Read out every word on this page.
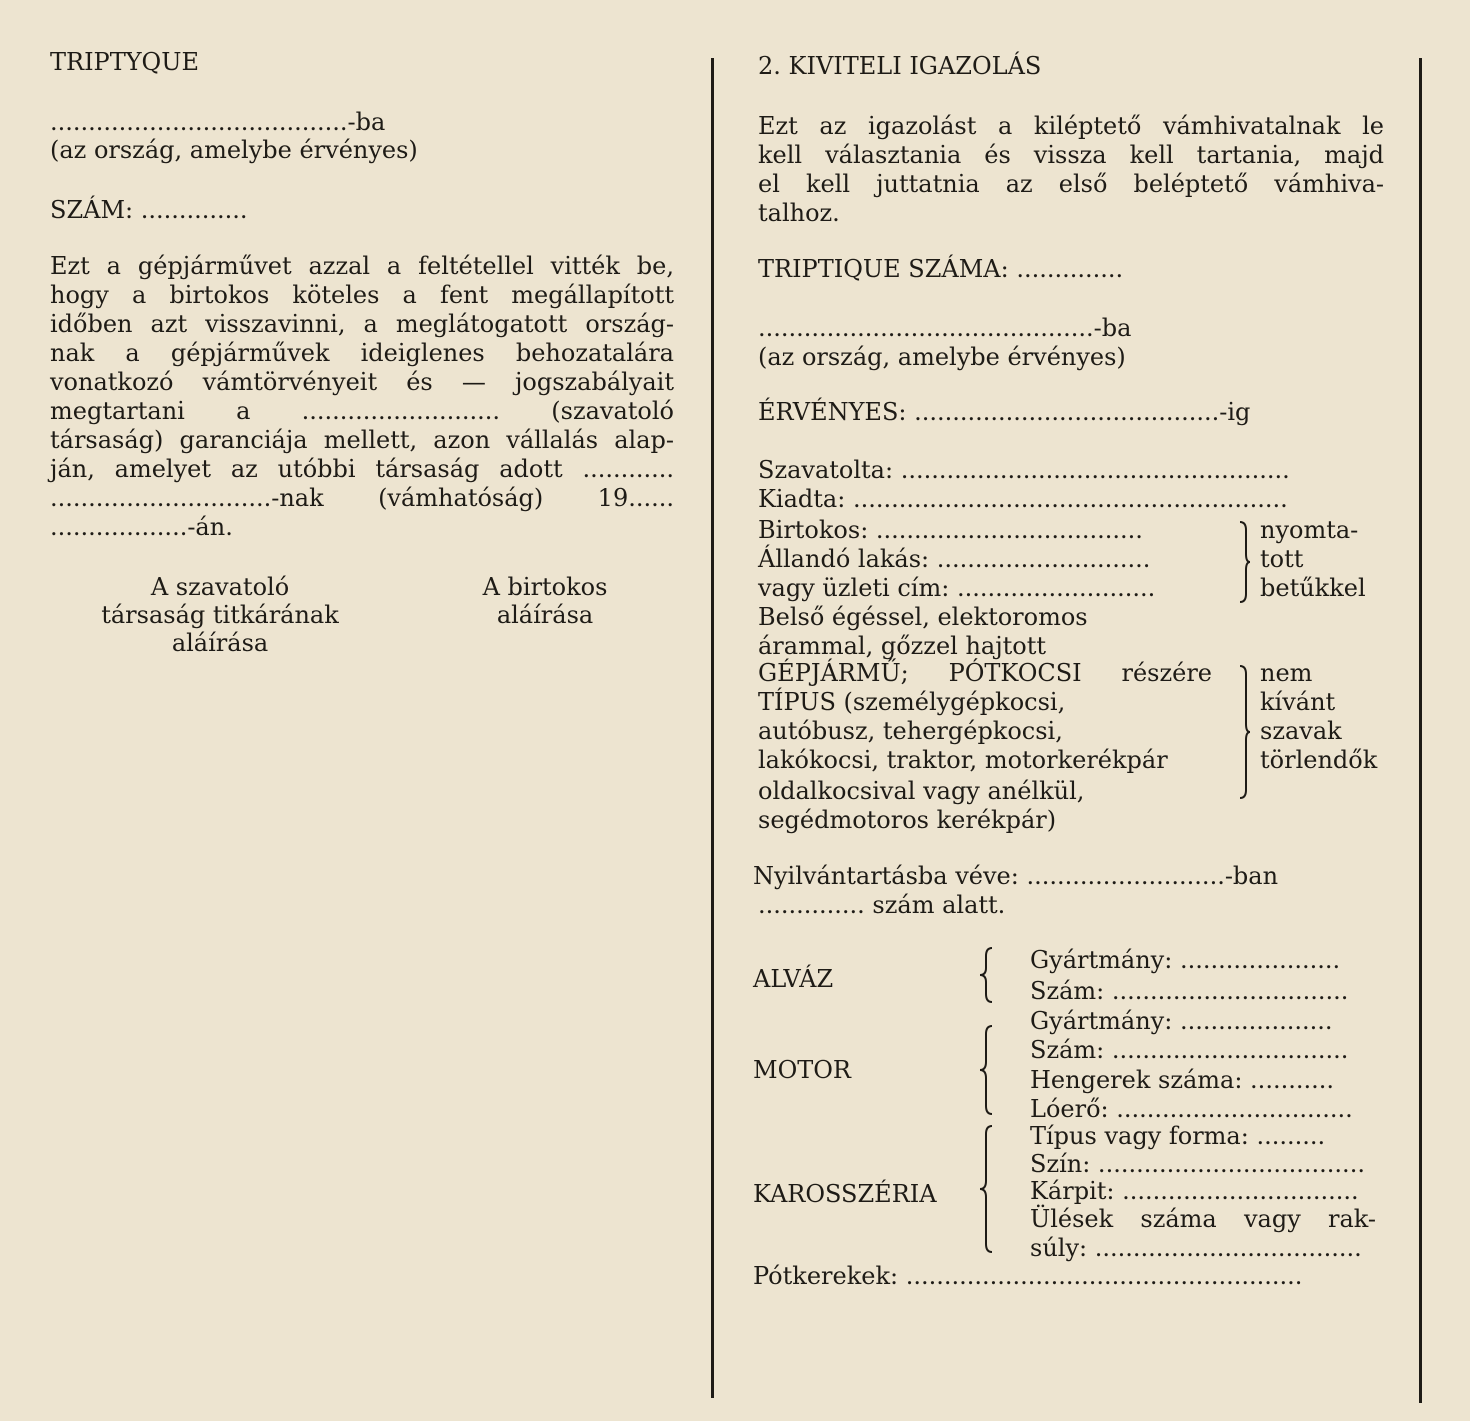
TRIPTYQUE
.......................................-ba
(az ország, amelybe érvényes)
SZÁM: ..............
Ezt a gépjárművet azzal a feltétellel vitték be,
hogy a birtokos köteles a fent megállapított
időben azt visszavinni, a meglátogatott ország-
nak a gépjárművek ideiglenes behozatalára
vonatkozó vámtörvényeit és — jogszabályait
megtartani a .......................... (szavatoló
társaság) garanciája mellett, azon vállalás alap-
ján, amelyet az utóbbi társaság adott ............
.............................-nak (vámhatóság) 19......
..................-án.
A szavatoló
társaság titkárának
aláírása
A birtokos
aláírása
2. KIVITELI IGAZOLÁS
Ezt az igazolást a kiléptető vámhivatalnak le
kell választania és vissza kell tartania, majd
el kell juttatnia az első beléptető vámhiva-
talhoz.
TRIPTIQUE SZÁMA: ..............
............................................-ba
(az ország, amelybe érvényes)
ÉRVÉNYES: ........................................-ig
Szavatolta: ...................................................
Kiadta: .........................................................
Birtokos: ...................................
Állandó lakás: ............................
vagy üzleti cím: ..........................
nyomta-
tott
betűkkel
Belső égéssel, elektoromos
árammal, gőzzel hajtott
GÉPJÁRMŰ; PÓTKOCSI részére
TÍPUS (személygépkocsi,
autóbusz, tehergépkocsi,
lakókocsi, traktor, motorkerékpár
oldalkocsival vagy anélkül,
segédmotoros kerékpár)
nem
kívánt
szavak
törlendők
Nyilvántartásba véve: ..........................-ban
.............. szám alatt.
ALVÁZ
Gyártmány: .....................
Szám: ...............................
MOTOR
Gyártmány: ....................
Szám: ...............................
Hengerek száma: ...........
Lóerő: ...............................
KAROSSZÉRIA
Típus vagy forma: .........
Szín: ...................................
Kárpit: ...............................
Ülések száma vagy rak-
súly: ...................................
Pótkerekek: ....................................................
